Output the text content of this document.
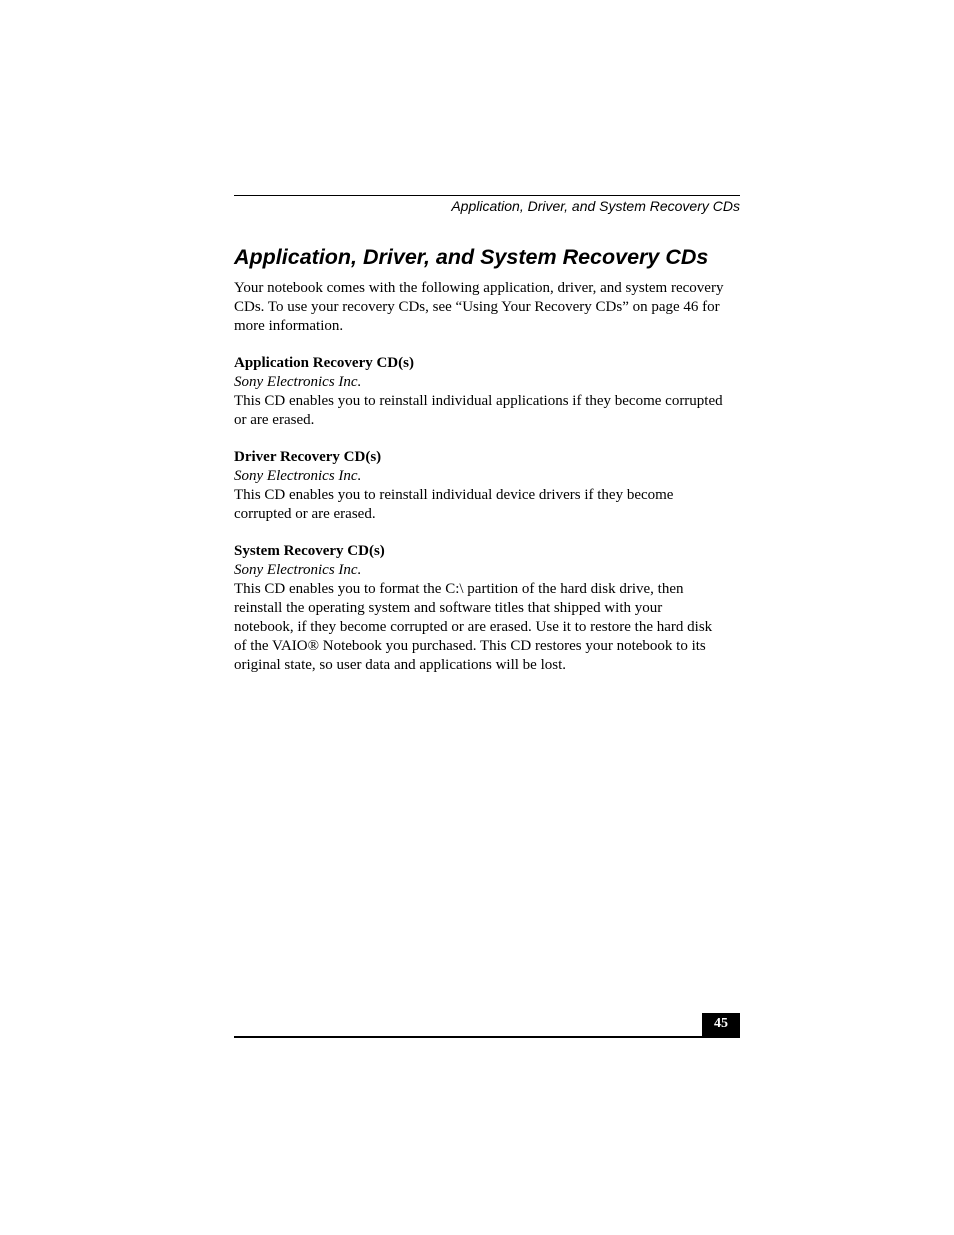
Application, Driver, and System Recovery CDs
Application, Driver, and System Recovery CDs

Your notebook comes with the following application, driver, and system recovery
CDs. To use your recovery CDs, see “Using Your Recovery CDs” on page 46 for
more information.

Application Recovery CD(s)

Sony Electronics Inc.

This CD enables you to reinstall individual applications if they become corrupted
or are erased.

Driver Recovery CD(s)

Sony Electronics Inc.

This CD enables you to reinstall individual device drivers if they become
corrupted or are erased.

System Recovery CD(s)

Sony Electronics Inc.

This CD enables you to format the C:\ partition of the hard disk drive, then
reinstall the operating system and software titles that shipped with your
notebook, if they become corrupted or are erased. Use it to restore the hard disk
of the VAIO® Notebook you purchased. This CD restores your notebook to its
original state, so user data and applications will be lost.

45
